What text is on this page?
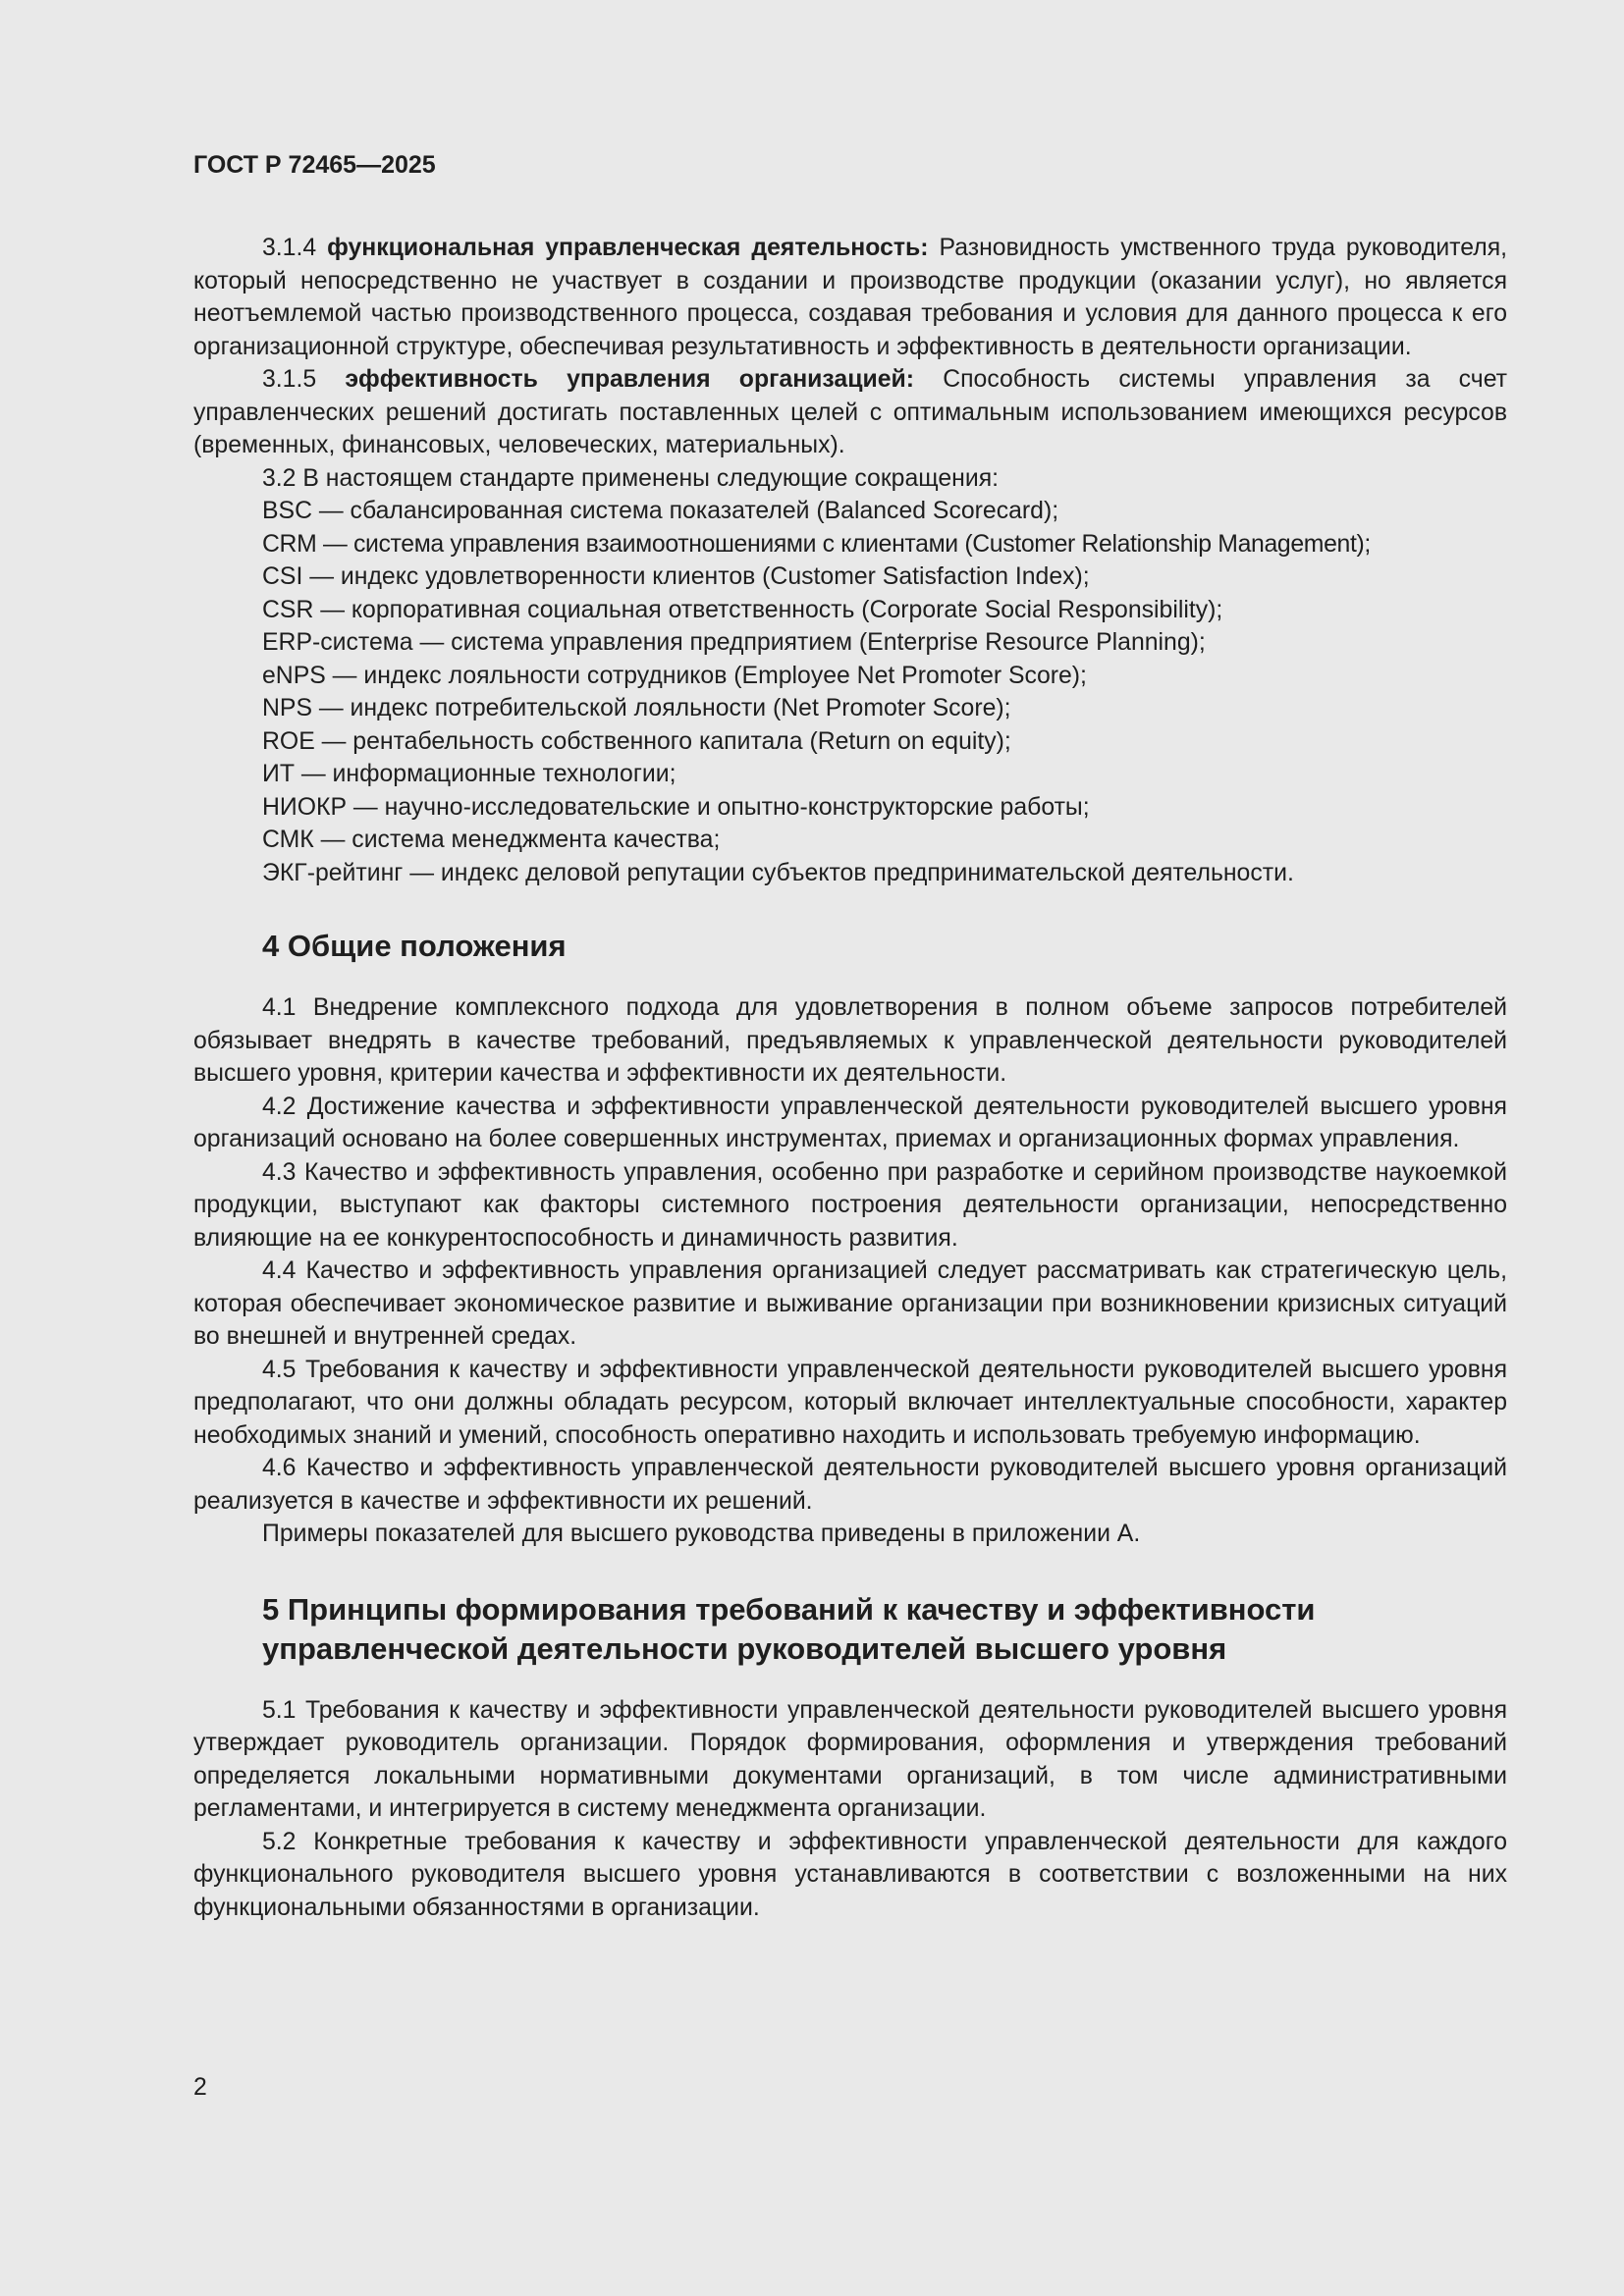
ГОСТ Р 72465—2025

3.1.4 функциональная управленческая деятельность: Разновидность умственного труда руководителя, который непосредственно не участвует в создании и производстве продукции (оказании услуг), но является неотъемлемой частью производственного процесса, создавая требования и условия для данного процесса к его организационной структуре, обеспечивая результативность и эффективность в деятельности организации.

3.1.5 эффективность управления организацией: Способность системы управления за счет управленческих решений достигать поставленных целей с оптимальным использованием имеющихся ресурсов (временных, финансовых, человеческих, материальных).

3.2 В настоящем стандарте применены следующие сокращения:

BSC — сбалансированная система показателей (Balanced Scorecard);

CRM — система управления взаимоотношениями с клиентами (Customer Relationship Management);

CSI — индекс удовлетворенности клиентов (Customer Satisfaction Index);

CSR — корпоративная социальная ответственность (Corporate Social Responsibility);

ERP-система — система управления предприятием (Enterprise Resource Planning);

eNPS — индекс лояльности сотрудников (Employee Net Promoter Score);

NPS — индекс потребительской лояльности (Net Promoter Score);

ROE — рентабельность собственного капитала (Return on equity);

ИТ — информационные технологии;

НИОКР — научно-исследовательские и опытно-конструкторские работы;

СМК — система менеджмента качества;

ЭКГ-рейтинг — индекс деловой репутации субъектов предпринимательской деятельности.

4 Общие положения

4.1 Внедрение комплексного подхода для удовлетворения в полном объеме запросов потребителей обязывает внедрять в качестве требований, предъявляемых к управленческой деятельности руководителей высшего уровня, критерии качества и эффективности их деятельности.

4.2 Достижение качества и эффективности управленческой деятельности руководителей высшего уровня организаций основано на более совершенных инструментах, приемах и организационных формах управления.

4.3 Качество и эффективность управления, особенно при разработке и серийном производстве наукоемкой продукции, выступают как факторы системного построения деятельности организации, непосредственно влияющие на ее конкурентоспособность и динамичность развития.

4.4 Качество и эффективность управления организацией следует рассматривать как стратегическую цель, которая обеспечивает экономическое развитие и выживание организации при возникновении кризисных ситуаций во внешней и внутренней средах.

4.5 Требования к качеству и эффективности управленческой деятельности руководителей высшего уровня предполагают, что они должны обладать ресурсом, который включает интеллектуальные способности, характер необходимых знаний и умений, способность оперативно находить и использовать требуемую информацию.

4.6 Качество и эффективность управленческой деятельности руководителей высшего уровня организаций реализуется в качестве и эффективности их решений.

Примеры показателей для высшего руководства приведены в приложении А.

5 Принципы формирования требований к качеству и эффективности
управленческой деятельности руководителей высшего уровня

5.1 Требования к качеству и эффективности управленческой деятельности руководителей высшего уровня утверждает руководитель организации. Порядок формирования, оформления и утверждения требований определяется локальными нормативными документами организаций, в том числе административными регламентами, и интегрируется в систему менеджмента организации.

5.2 Конкретные требования к качеству и эффективности управленческой деятельности для каждого функционального руководителя высшего уровня устанавливаются в соответствии с возложенными на них функциональными обязанностями в организации.

2
